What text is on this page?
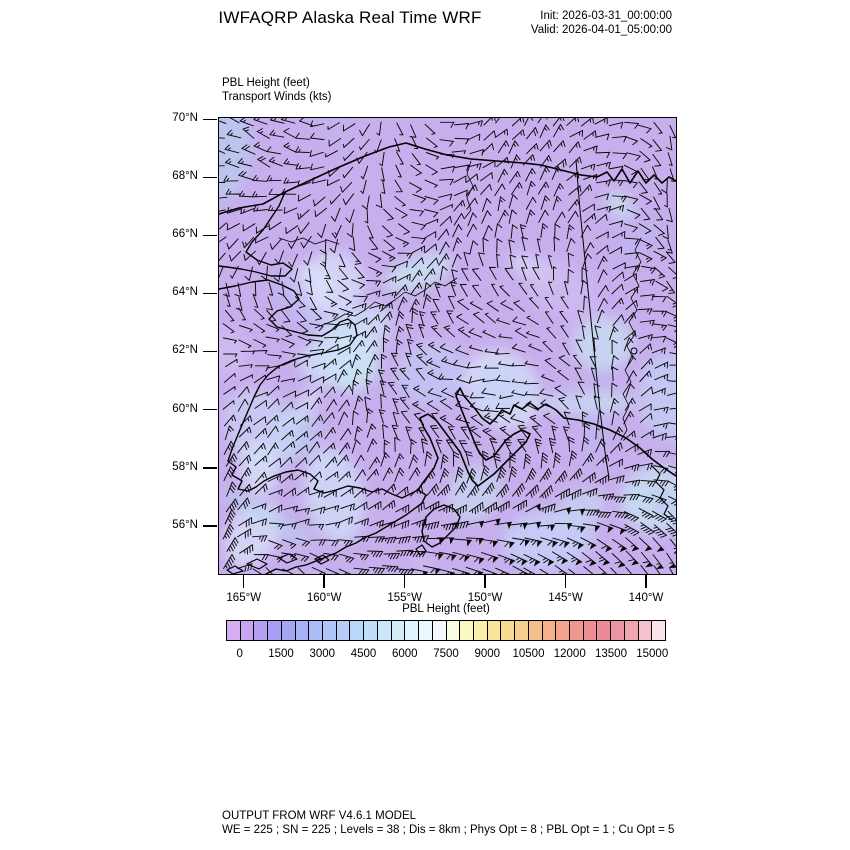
IWFAQRP Alaska Real Time WRF	Init: 2026-03-31_00:00:00
Valid: 2026-04-01_05:00:00
PBL Height (feet)
Transport Winds (kts)
70°N
68°N
66°N
64°N
62°N
60°N
58°N
56°N
165°W	160°W	155°W	150°W	145°W	140°W
PBL Height (feet)
0	1500	3000	4500	6000	7500	9000	10500 12000 13500 15000
OUTPUT FROM WRF V4.6.1 MODEL
WE = 225 ; SN = 225 ; Levels = 38 ; Dis = 8km ; Phys Opt = 8 ; PBL Opt = 1 ; Cu Opt = 5
